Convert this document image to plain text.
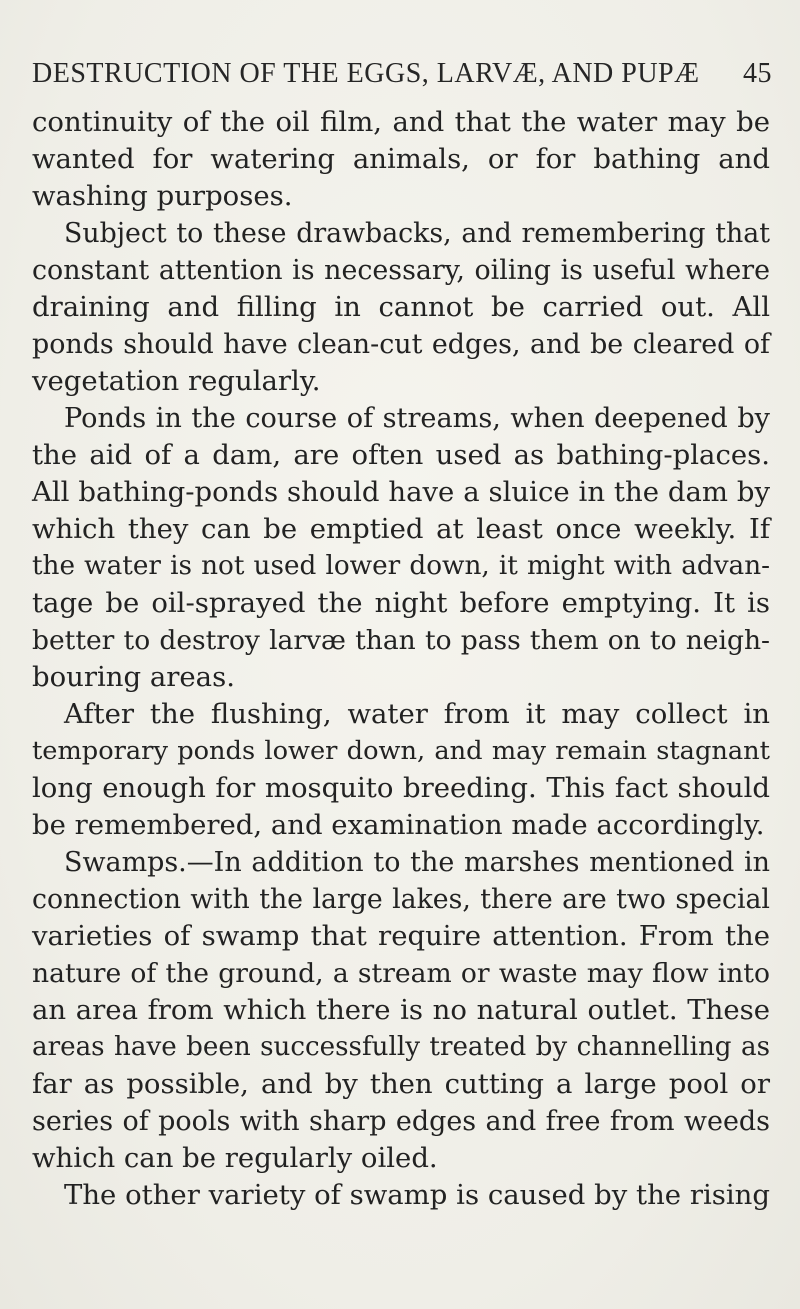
DESTRUCTION OF THE EGGS, LARVÆ, AND PUPÆ 45
continuity of the oil film, and that the water may be
wanted for watering animals, or for bathing and
washing purposes.
Subject to these drawbacks, and remembering that
constant attention is necessary, oiling is useful where
draining and filling in cannot be carried out. All
ponds should have clean-cut edges, and be cleared of
vegetation regularly.
Ponds in the course of streams, when deepened by
the aid of a dam, are often used as bathing-places.
All bathing-ponds should have a sluice in the dam by
which they can be emptied at least once weekly. If
the water is not used lower down, it might with advan-
tage be oil-sprayed the night before emptying. It is
better to destroy larvæ than to pass them on to neigh-
bouring areas.
After the flushing, water from it may collect in
temporary ponds lower down, and may remain stagnant
long enough for mosquito breeding. This fact should
be remembered, and examination made accordingly.
Swamps.—In addition to the marshes mentioned in
connection with the large lakes, there are two special
varieties of swamp that require attention. From the
nature of the ground, a stream or waste may flow into
an area from which there is no natural outlet. These
areas have been successfully treated by channelling as
far as possible, and by then cutting a large pool or
series of pools with sharp edges and free from weeds
which can be regularly oiled.
The other variety of swamp is caused by the rising
